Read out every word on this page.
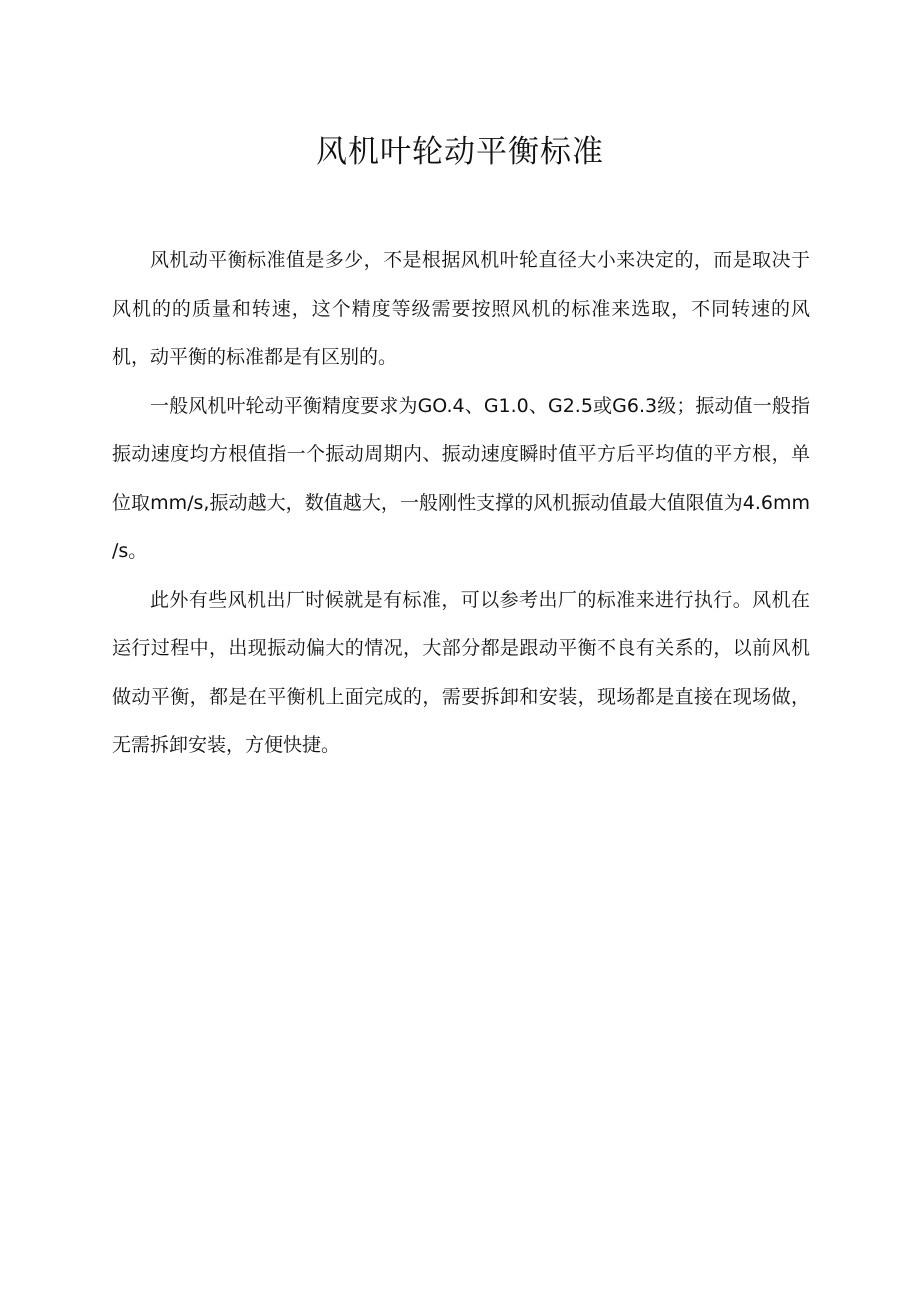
风机叶轮动平衡标准

风机动平衡标准值是多少，不是根据风机叶轮直径大小来决定的，而是取决于风机的的质量和转速，这个精度等级需要按照风机的标准来选取，不同转速的风机，动平衡的标准都是有区别的。

一般风机叶轮动平衡精度要求为GO.4、G1.0、G2.5或G6.3级；振动值一般指振动速度均方根值指一个振动周期内、振动速度瞬时值平方后平均值的平方根，单位取mm/s,振动越大，数值越大，一般刚性支撑的风机振动值最大值限值为4.6mm∕s。

此外有些风机出厂时候就是有标准，可以参考出厂的标准来进行执行。风机在运行过程中，出现振动偏大的情况，大部分都是跟动平衡不良有关系的，以前风机做动平衡，都是在平衡机上面完成的，需要拆卸和安装，现场都是直接在现场做，无需拆卸安装，方便快捷。
